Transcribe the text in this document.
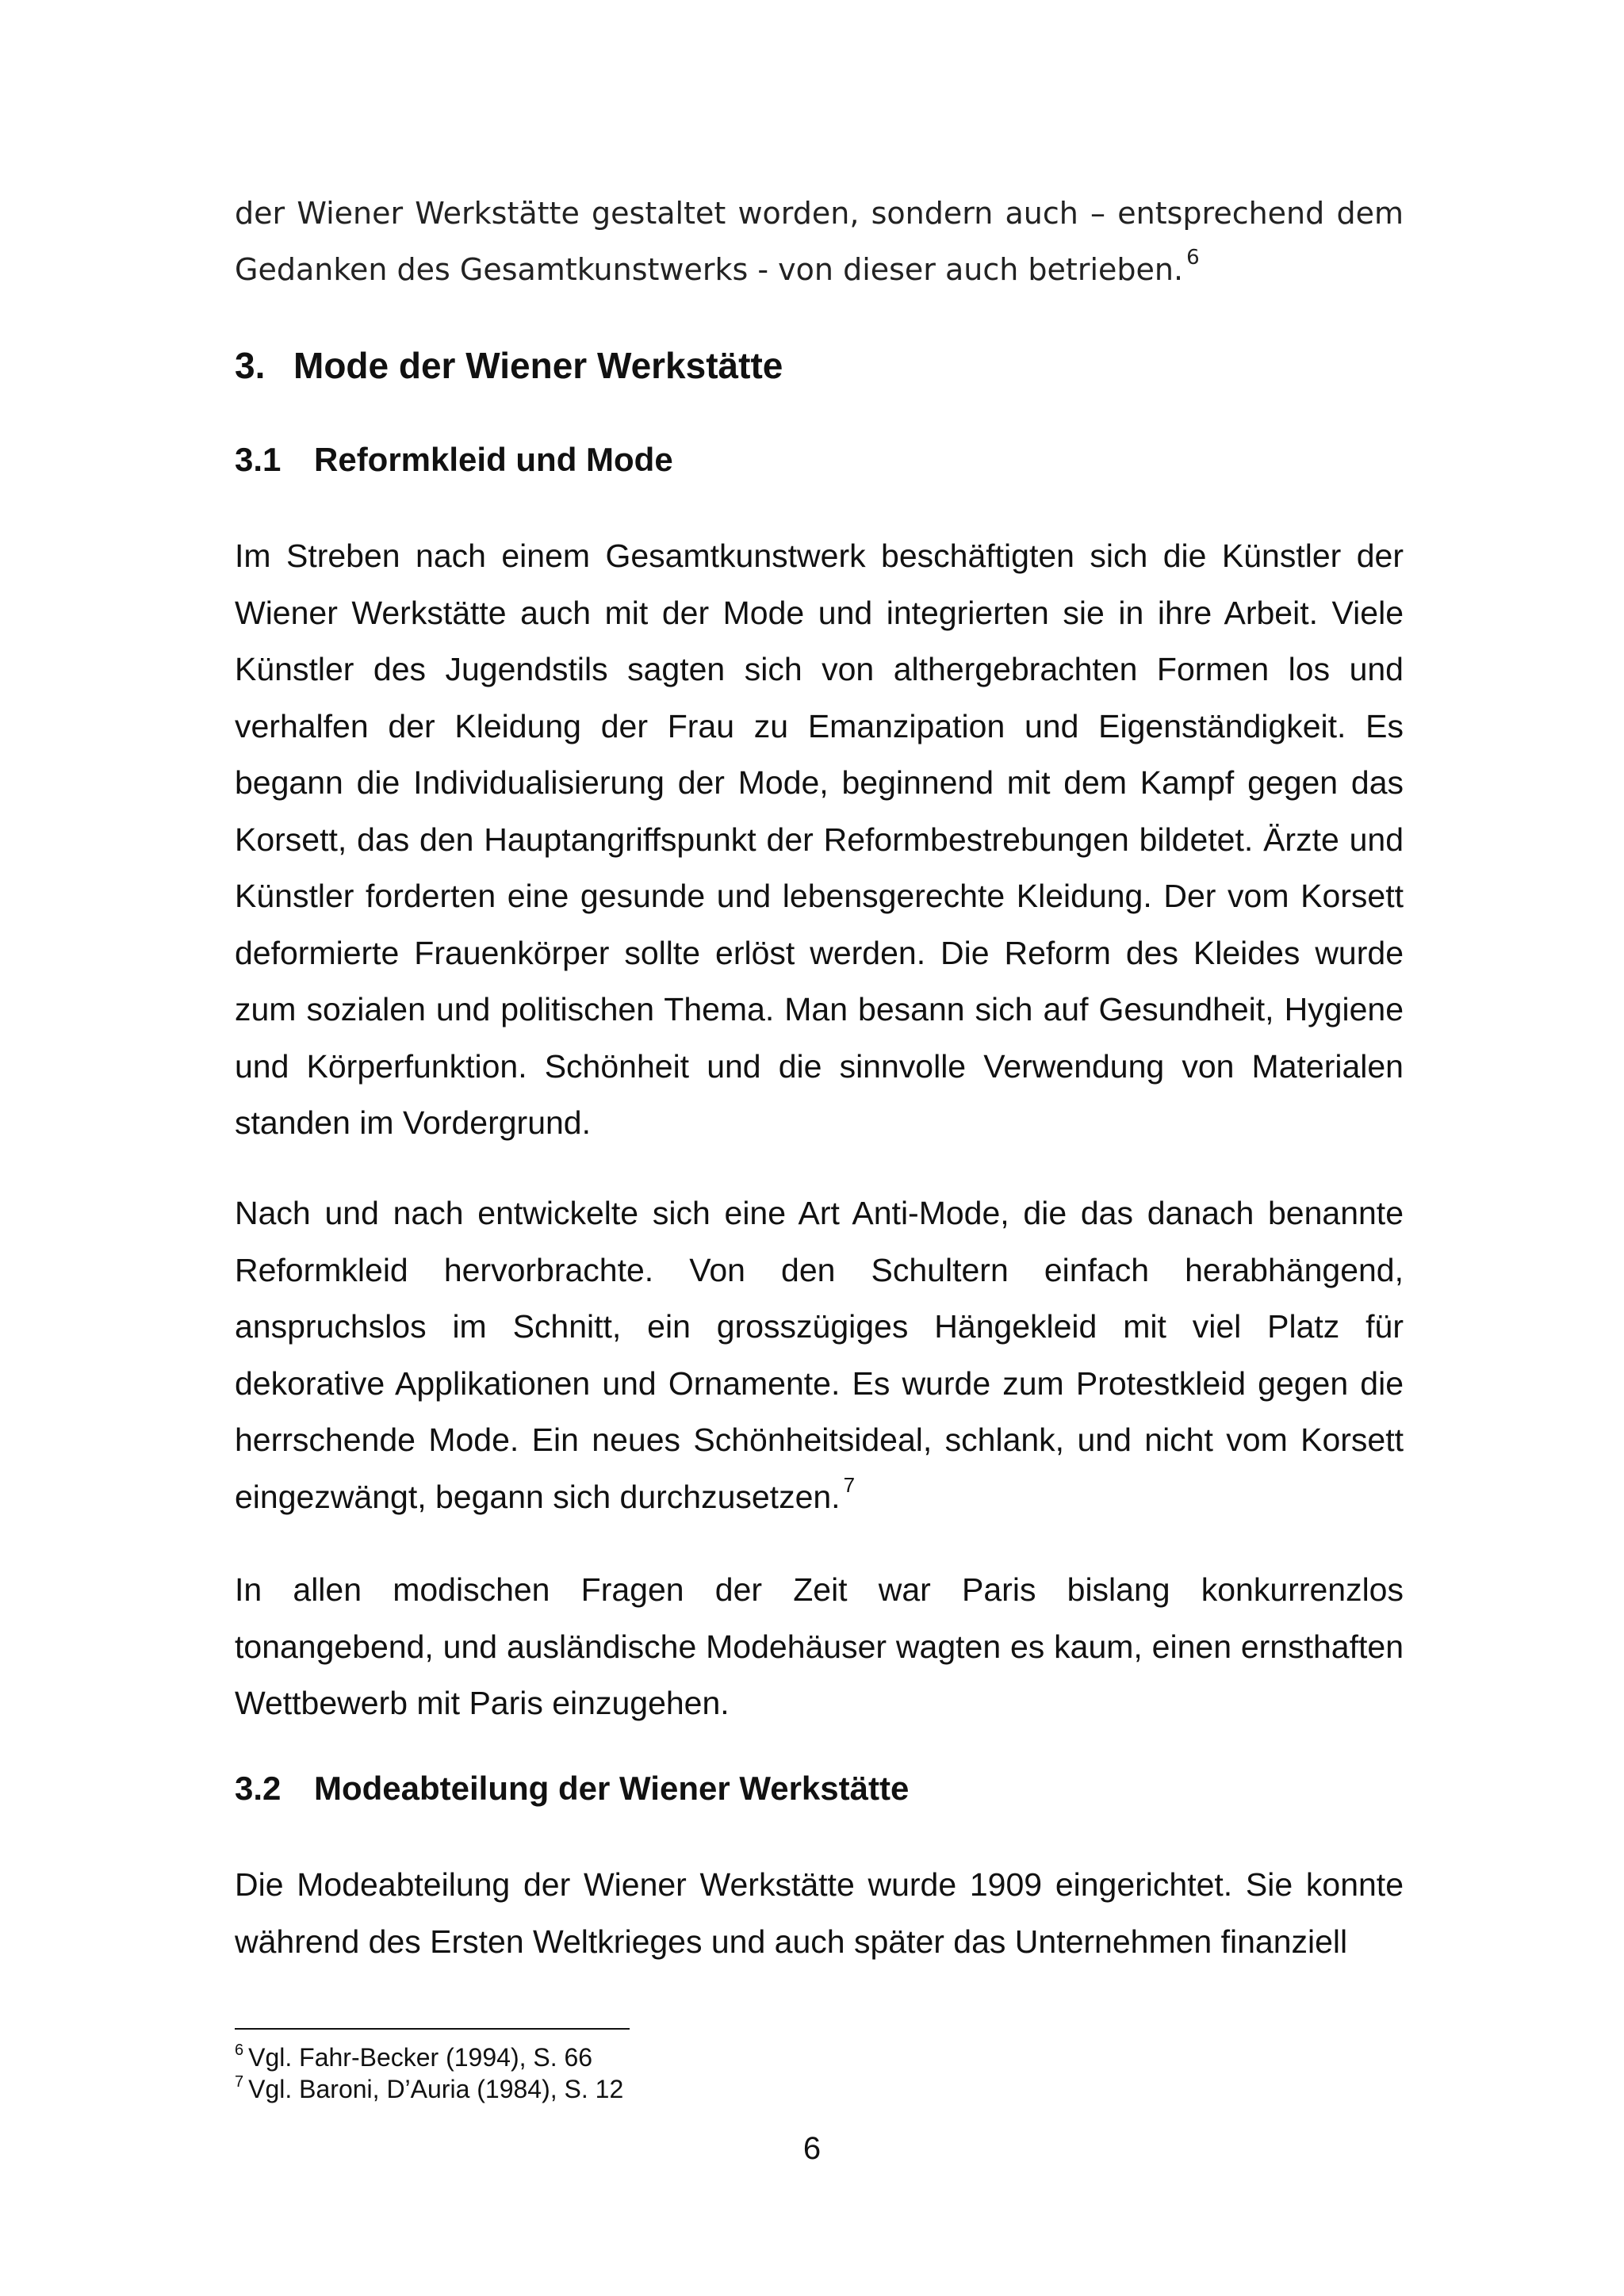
der Wiener Werkstätte gestaltet worden, sondern auch – entsprechend dem Gedanken des Gesamtkunstwerks - von dieser auch betrieben. $^6$

3. Mode der Wiener Werkstätte
3.1 Reformkleid und Mode

Im Streben nach einem Gesamtkunstwerk beschäftigten sich die Künstler der Wiener Werkstätte auch mit der Mode und integrierten sie in ihre Arbeit. Viele Künstler des Jugendstils sagten sich von althergebrachten Formen los und verhalfen der Kleidung der Frau zu Emanzipation und Eigenständigkeit. Es begann die Individualisierung der Mode, beginnend mit dem Kampf gegen das Korsett, das den Hauptangriffspunkt der Reformbestrebungen bildetet. Ärzte und Künstler forderten eine gesunde und lebensgerechte Kleidung. Der vom Korsett deformierte Frauenkörper sollte erlöst werden. Die Reform des Kleides wurde zum sozialen und politischen Thema. Man besann sich auf Gesundheit, Hygiene und Körperfunktion. Schönheit und die sinnvolle Verwendung von Materialen standen im Vordergrund.

Nach und nach entwickelte sich eine Art Anti-Mode, die das danach benannte Reformkleid hervorbrachte. Von den Schultern einfach herabhängend, anspruchslos im Schnitt, ein grosszügiges Hängekleid mit viel Platz für dekorative Applikationen und Ornamente. Es wurde zum Protestkleid gegen die herrschende Mode. Ein neues Schönheitsideal, schlank, und nicht vom Korsett eingezwängt, begann sich durchzusetzen. $^7$

In allen modischen Fragen der Zeit war Paris bislang konkurrenzlos tonangebend, und ausländische Modehäuser wagten es kaum, einen ernsthaften Wettbewerb mit Paris einzugehen.

3.2 Modeabteilung der Wiener Werkstätte

Die Modeabteilung der Wiener Werkstätte wurde 1909 eingerichtet. Sie konnte während des Ersten Weltkrieges und auch später das Unternehmen finanziell

$^6$ Vgl. Fahr-Becker (1994), S. 66

$^7$ Vgl. Baroni, D’Auria (1984), S. 12

6
